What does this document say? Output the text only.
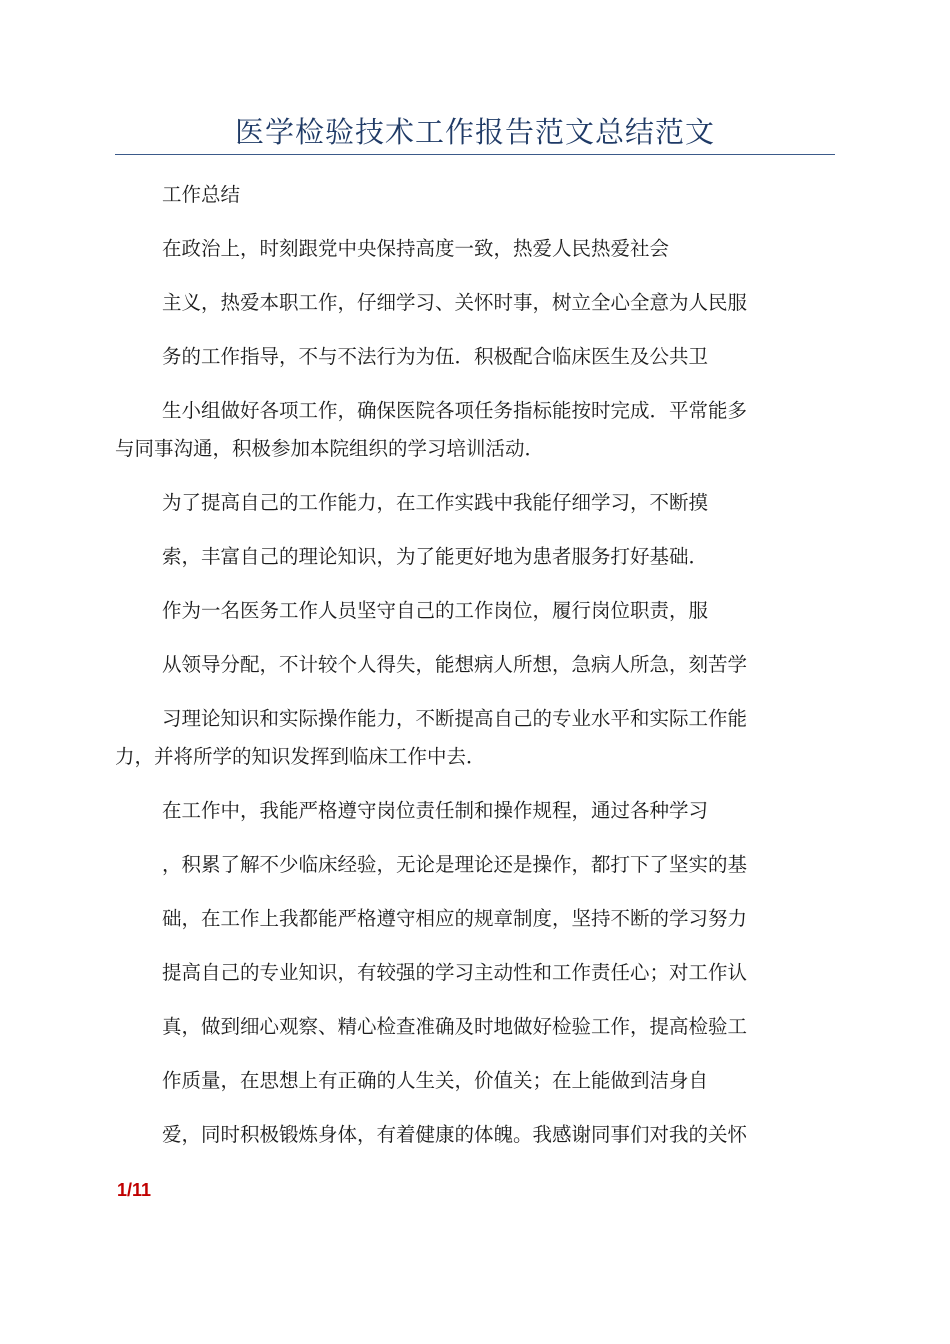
医学检验技术工作报告范文总结范文
工作总结
在政治上，时刻跟党中央保持高度一致，热爱人民热爱社会
主义，热爱本职工作，仔细学习、关怀时事，树立全心全意为人民服
务的工作指导，不与不法行为为伍．积极配合临床医生及公共卫
生小组做好各项工作，确保医院各项任务指标能按时完成．平常能多
与同事沟通，积极参加本院组织的学习培训活动．
为了提高自己的工作能力，在工作实践中我能仔细学习，不断摸
索，丰富自己的理论知识，为了能更好地为患者服务打好基础．
作为一名医务工作人员坚守自己的工作岗位，履行岗位职责，服
从领导分配，不计较个人得失，能想病人所想，急病人所急，刻苦学
习理论知识和实际操作能力，不断提高自己的专业水平和实际工作能
力，并将所学的知识发挥到临床工作中去．
在工作中，我能严格遵守岗位责任制和操作规程，通过各种学习
，积累了解不少临床经验，无论是理论还是操作，都打下了坚实的基
础，在工作上我都能严格遵守相应的规章制度，坚持不断的学习努力
提高自己的专业知识，有较强的学习主动性和工作责任心；对工作认
真，做到细心观察、精心检查准确及时地做好检验工作，提高检验工
作质量，在思想上有正确的人生关，价值关；在上能做到洁身自
爱，同时积极锻炼身体，有着健康的体魄。我感谢同事们对我的关怀
1/11
